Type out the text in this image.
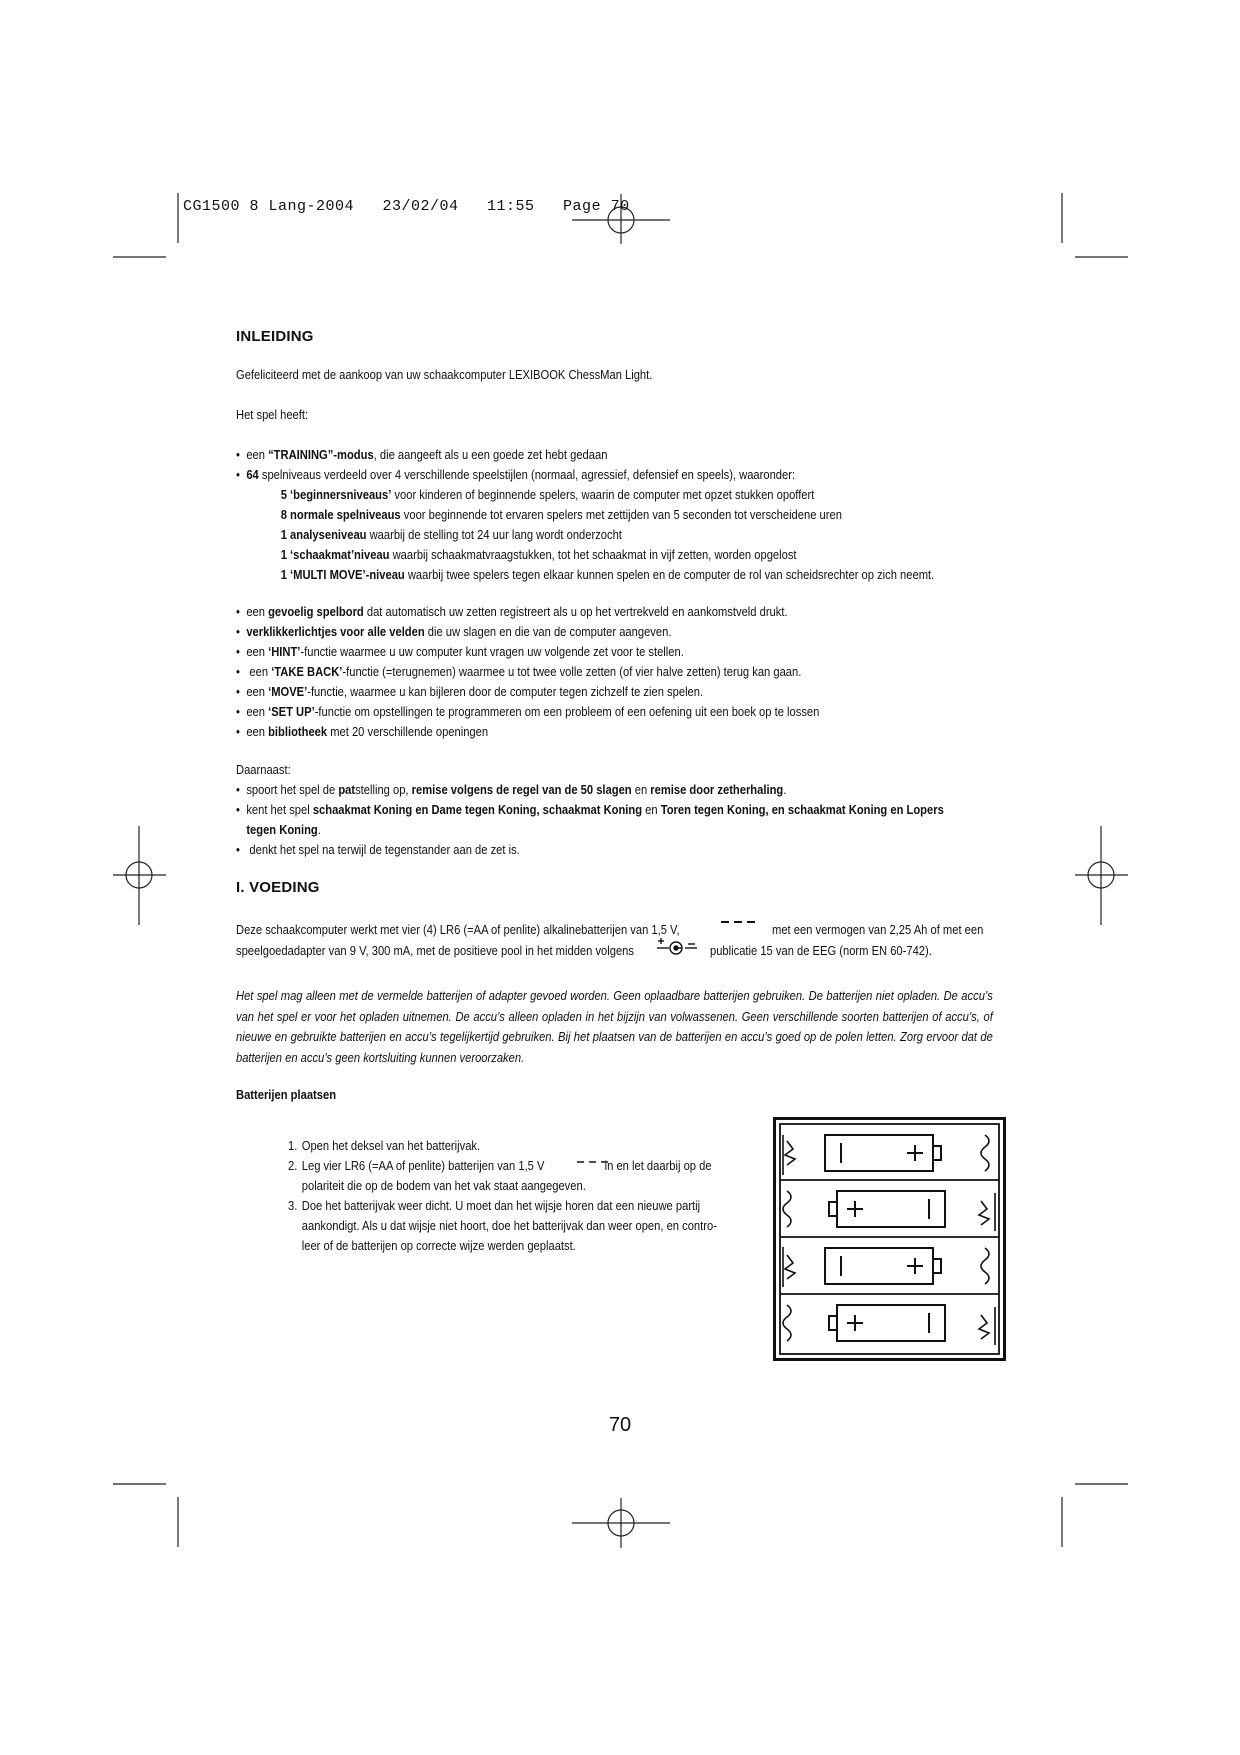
CG1500 8 Lang-2004   23/02/04   11:55   Page 70
INLEIDING
Gefeliciteerd met de aankoop van uw schaakcomputer LEXIBOOK ChessMan Light.
Het spel heeft:
• een “TRAINING”-modus, die aangeeft als u een goede zet hebt gedaan
• 64 spelniveaus verdeeld over 4 verschillende speelstijlen (normaal, agressief, defensief en speels), waaronder:
5 ‘beginnersniveaus’ voor kinderen of beginnende spelers, waarin de computer met opzet stukken opoffert
8 normale spelniveaus voor beginnende tot ervaren spelers met zettijden van 5 seconden tot verscheidene uren
1 analyseniveau waarbij de stelling tot 24 uur lang wordt onderzocht
1 ‘schaakmat’niveau waarbij schaakmatvraagstukken, tot het schaakmat in vijf zetten, worden opgelost
1 ‘MULTI MOVE’-niveau waarbij twee spelers tegen elkaar kunnen spelen en de computer de rol van scheidsrechter op zich neemt.
• een gevoelig spelbord dat automatisch uw zetten registreert als u op het vertrekveld en aankomstveld drukt.
• verklikkerlichtjes voor alle velden die uw slagen en die van de computer aangeven.
• een ‘HINT’-functie waarmee u uw computer kunt vragen uw volgende zet voor te stellen.
• een ‘TAKE BACK’-functie (=terugnemen) waarmee u tot twee volle zetten (of vier halve zetten) terug kan gaan.
• een ‘MOVE’-functie, waarmee u kan bijleren door de computer tegen zichzelf te zien spelen.
• een ‘SET UP’-functie om opstellingen te programmeren om een probleem of een oefening uit een boek op te lossen
• een bibliotheek met 20 verschillende openingen
Daarnaast:
• spoort het spel de patstelling op, remise volgens de regel van de 50 slagen en remise door zetherhaling.
• kent het spel schaakmat Koning en Dame tegen Koning, schaakmat Koning en Toren tegen Koning, en schaakmat Koning en Lopers
tegen Koning.
• denkt het spel na terwijl de tegenstander aan de zet is.
I. VOEDING
Deze schaakcomputer werkt met vier (4) LR6 (=AA of penlite) alkalinebatterijen van 1,5 V,	met een vermogen van 2,25 Ah of met een
speelgoedadapter van 9 V, 300 mA, met de positieve pool in het midden volgens	publicatie 15 van de EEG (norm EN 60-742).
Het spel mag alleen met de vermelde batterijen of adapter gevoed worden. Geen oplaadbare batterijen gebruiken. De batterijen niet opladen. De accu’s van het spel er voor het opladen uitnemen. De accu’s alleen opladen in het bijzijn van volwassenen. Geen verschillende soorten batterijen of accu’s, of nieuwe en gebruikte batterijen en accu’s tegelijkertijd gebruiken. Bij het plaatsen van de batterijen en accu’s goed op de polen letten. Zorg ervoor dat de batterijen en accu’s geen kortsluiting kunnen veroorzaken.
Batterijen plaatsen
1. Open het deksel van het batterijvak.
2. Leg vier LR6 (=AA of penlite) batterijen van 1,5 V	in en let daarbij op de
polariteit die op de bodem van het vak staat aangegeven.
3. Doe het batterijvak weer dicht. U moet dan het wijsje horen dat een nieuwe partij
aankondigt. Als u dat wijsje niet hoort, doe het batterijvak dan weer open, en contro-
leer of de batterijen op correcte wijze werden geplaatst.
70
